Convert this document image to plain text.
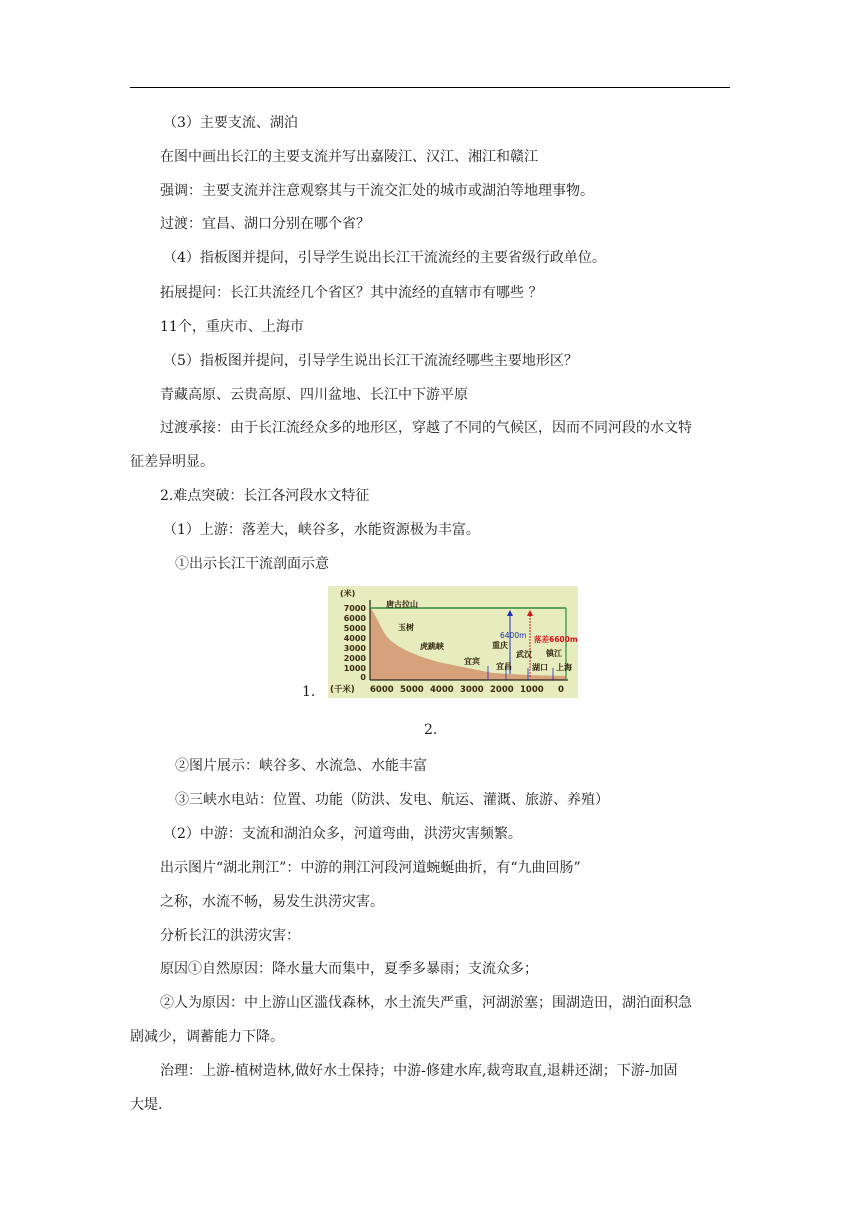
（3）主要支流、湖泊
在图中画出长江的主要支流并写出嘉陵江、汉江、湘江和赣江
强调：主要支流并注意观察其与干流交汇处的城市或湖泊等地理事物。
过渡：宜昌、湖口分别在哪个省？
（4）指板图并提问，引导学生说出长江干流流经的主要省级行政单位。
拓展提问：长江共流经几个省区？其中流经的直辖市有哪些 ？
11个，重庆市、上海市
（5）指板图并提问，引导学生说出长江干流流经哪些主要地形区？
青藏高原、云贵高原、四川盆地、长江中下游平原
过渡承接：由于长江流经众多的地形区，穿越了不同的气候区，因而不同河段的水文特
征差异明显。
2.难点突破：长江各河段水文特征
（1）上游：落差大，峡谷多，水能资源极为丰富。
①出示长江干流剖面示意
1.
(米)
7000
6000
5000
4000
3000
2000
1000
0
(千米) 6000 5000 4000 3000 2000 1000 0
唐古拉山
玉树
虎跳峡
宜宾
重庆
宜昌
武汉
湖口
镇江
上海
6400m 落差6600m
2.
②图片展示：峡谷多、水流急、水能丰富
③三峡水电站：位置、功能（防洪、发电、航运、灌溉、旅游、养殖）
（2）中游：支流和湖泊众多，河道弯曲，洪涝灾害频繁。
出示图片“湖北荆江”：中游的荆江河段河道蜿蜒曲折，有“九曲回肠”
之称，水流不畅，易发生洪涝灾害。
分析长江的洪涝灾害：
原因①自然原因：降水量大而集中，夏季多暴雨；支流众多；
②人为原因：中上游山区滥伐森林，水土流失严重，河湖淤塞；围湖造田，湖泊面积急
剧减少，调蓄能力下降。
治理：上游-植树造林,做好水土保持；中游-修建水库,裁弯取直,退耕还湖；下游-加固
大堤.
